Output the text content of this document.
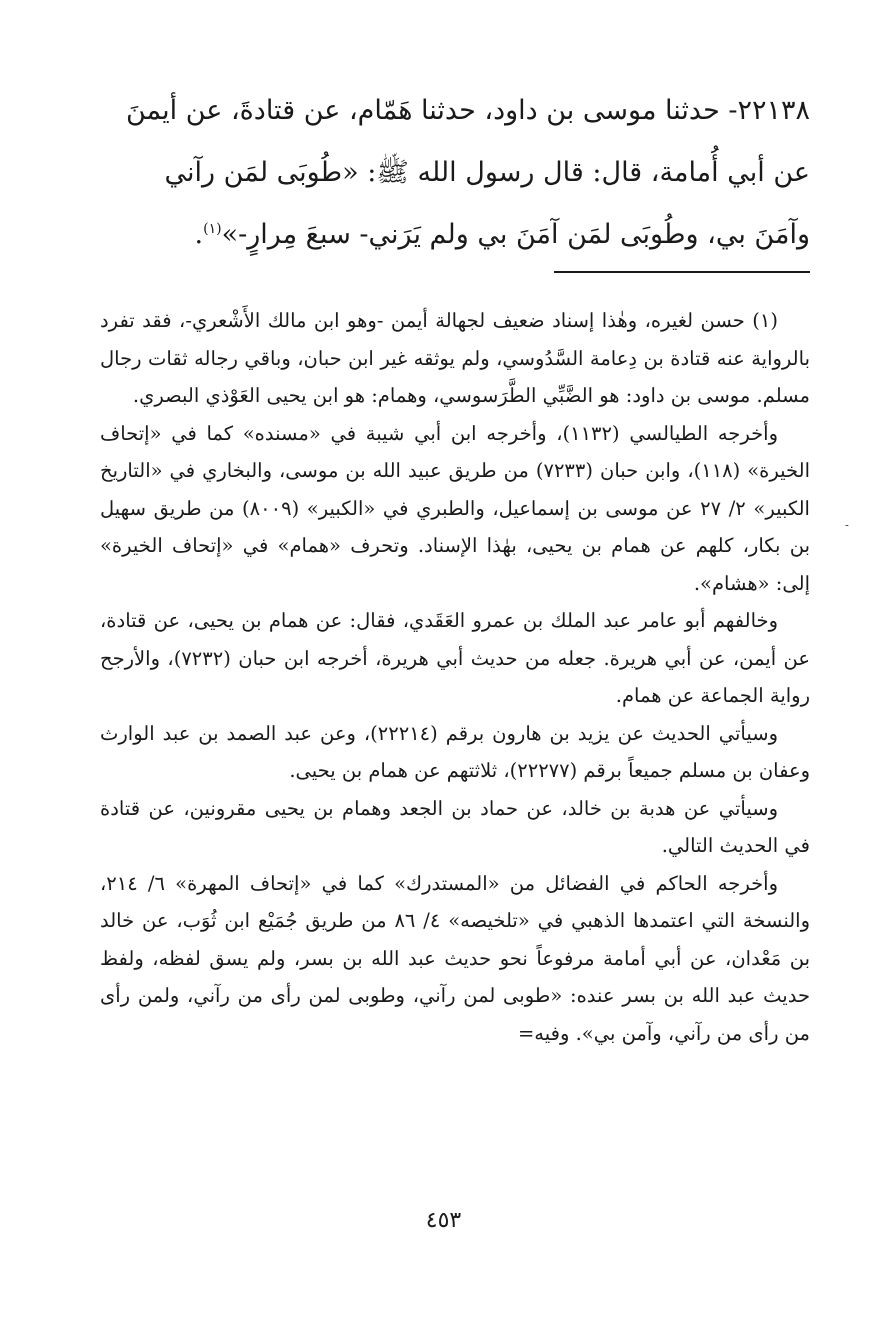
٢٢١٣٨- حدثنا موسى بن داود، حدثنا هَمّام، عن قتادةَ، عن أيمنَ

عن أبي أُمامة، قال: قال رسول الله ﷺ: «طُوبَى لمَن رآني

وآمَنَ بي، وطُوبَى لمَن آمَنَ بي ولم يَرَني- سبعَ مِرارٍ-»$^{(١)}$.

(١) حسن لغيره، وهٰذا إسناد ضعيف لجهالة أيمن -وهو ابن مالك الأَشْعري-، فقد تفرد بالرواية عنه قتادة بن دِعامة السَّدُوسي، ولم يوثقه غير ابن حبان، وباقي رجاله ثقات رجال مسلم. موسى بن داود: هو الضَّبِّي الطَّرَسوسي، وهمام: هو ابن يحيى العَوْذي البصري.

وأخرجه الطيالسي (١١٣٢)، وأخرجه ابن أبي شيبة في «مسنده» كما في «إتحاف الخيرة» (١١٨)، وابن حبان (٧٢٣٣) من طريق عبيد الله بن موسى، والبخاري في «التاريخ الكبير» ٢/ ٢٧ عن موسى بن إسماعيل، والطبري في «الكبير» (٨٠٠٩) من طريق سهيل بن بكار، كلهم عن همام بن يحيى، بهٰذا الإسناد. وتحرف «همام» في «إتحاف الخيرة» إلى: «هشام».

وخالفهم أبو عامر عبد الملك بن عمرو العَقَدي، فقال: عن همام بن يحيى، عن قتادة، عن أيمن، عن أبي هريرة. جعله من حديث أبي هريرة، أخرجه ابن حبان (٧٢٣٢)، والأرجح رواية الجماعة عن همام.

وسيأتي الحديث عن يزيد بن هارون برقم (٢٢٢١٤)، وعن عبد الصمد بن عبد الوارث وعفان بن مسلم جميعاً برقم (٢٢٢٧٧)، ثلاثتهم عن همام بن يحيى.

وسيأتي عن هدبة بن خالد، عن حماد بن الجعد وهمام بن يحيى مقرونين، عن قتادة في الحديث التالي.

وأخرجه الحاكم في الفضائل من «المستدرك» كما في «إتحاف المهرة» ٦/ ٢١٤، والنسخة التي اعتمدها الذهبي في «تلخيصه» ٤/ ٨٦ من طريق جُمَيْع ابن ثُوَب، عن خالد بن مَعْدان، عن أبي أمامة مرفوعاً نحو حديث عبد الله بن بسر، ولم يسق لفظه، ولفظ حديث عبد الله بن بسر عنده: «طوبى لمن رآني، وطوبى لمن رأى من رآني، ولمن رأى من رأى من رآني، وآمن بي». وفيه=

˗
٤٥٣
